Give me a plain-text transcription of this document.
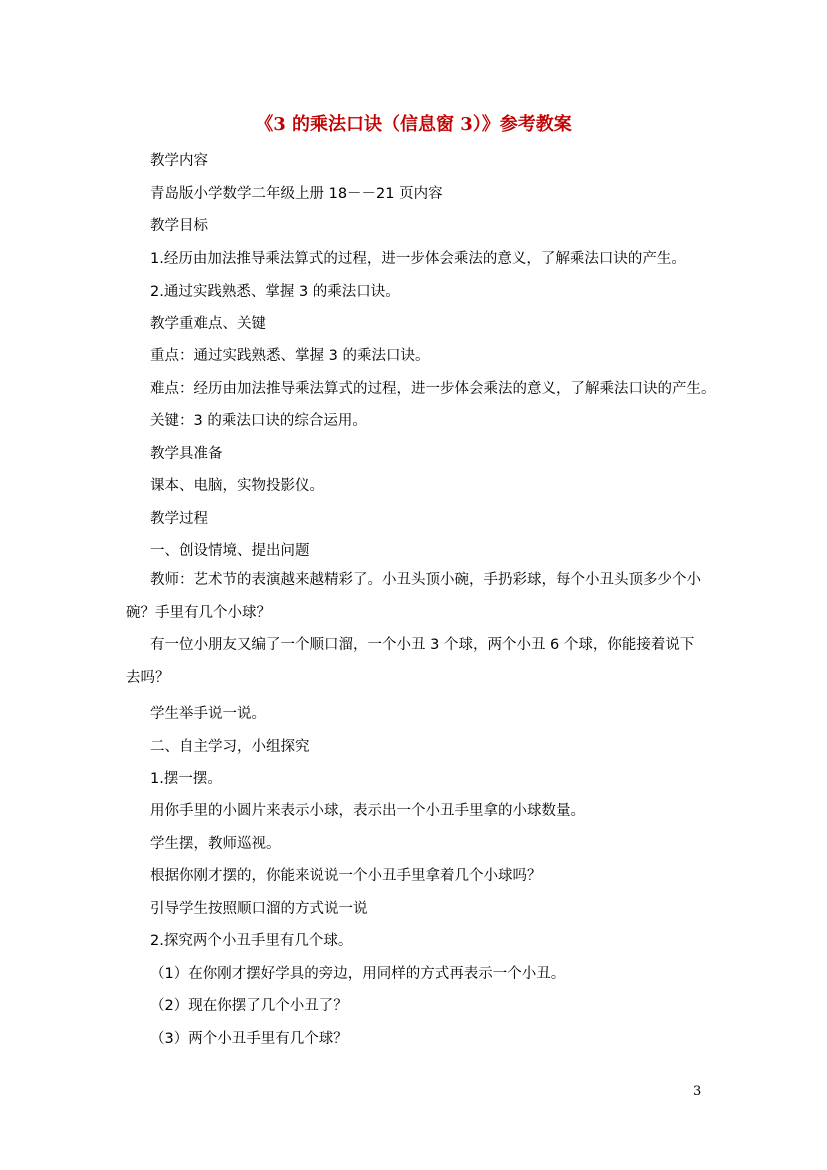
《3 的乘法口诀（信息窗 3）》参考教案
教学内容
青岛版小学数学二年级上册 18－－21 页内容
教学目标
1.经历由加法推导乘法算式的过程，进一步体会乘法的意义，了解乘法口诀的产生。
2.通过实践熟悉、掌握 3 的乘法口诀。
教学重难点、关键
重点：通过实践熟悉、掌握 3 的乘法口诀。
难点：经历由加法推导乘法算式的过程，进一步体会乘法的意义，了解乘法口诀的产生。
关键：3 的乘法口诀的综合运用。
教学具准备
课本、电脑，实物投影仪。
教学过程
一、创设情境、提出问题
教师：艺术节的表演越来越精彩了。小丑头顶小碗，手扔彩球，每个小丑头顶多少个小碗？手里有几个小球？
有一位小朋友又编了一个顺口溜，一个小丑 3 个球，两个小丑 6 个球，你能接着说下去吗？
学生举手说一说。
二、自主学习，小组探究
1.摆一摆。
用你手里的小圆片来表示小球，表示出一个小丑手里拿的小球数量。
学生摆，教师巡视。
根据你刚才摆的，你能来说说一个小丑手里拿着几个小球吗？
引导学生按照顺口溜的方式说一说
2.探究两个小丑手里有几个球。
（1）在你刚才摆好学具的旁边，用同样的方式再表示一个小丑。
（2）现在你摆了几个小丑了？
（3）两个小丑手里有几个球？
3
